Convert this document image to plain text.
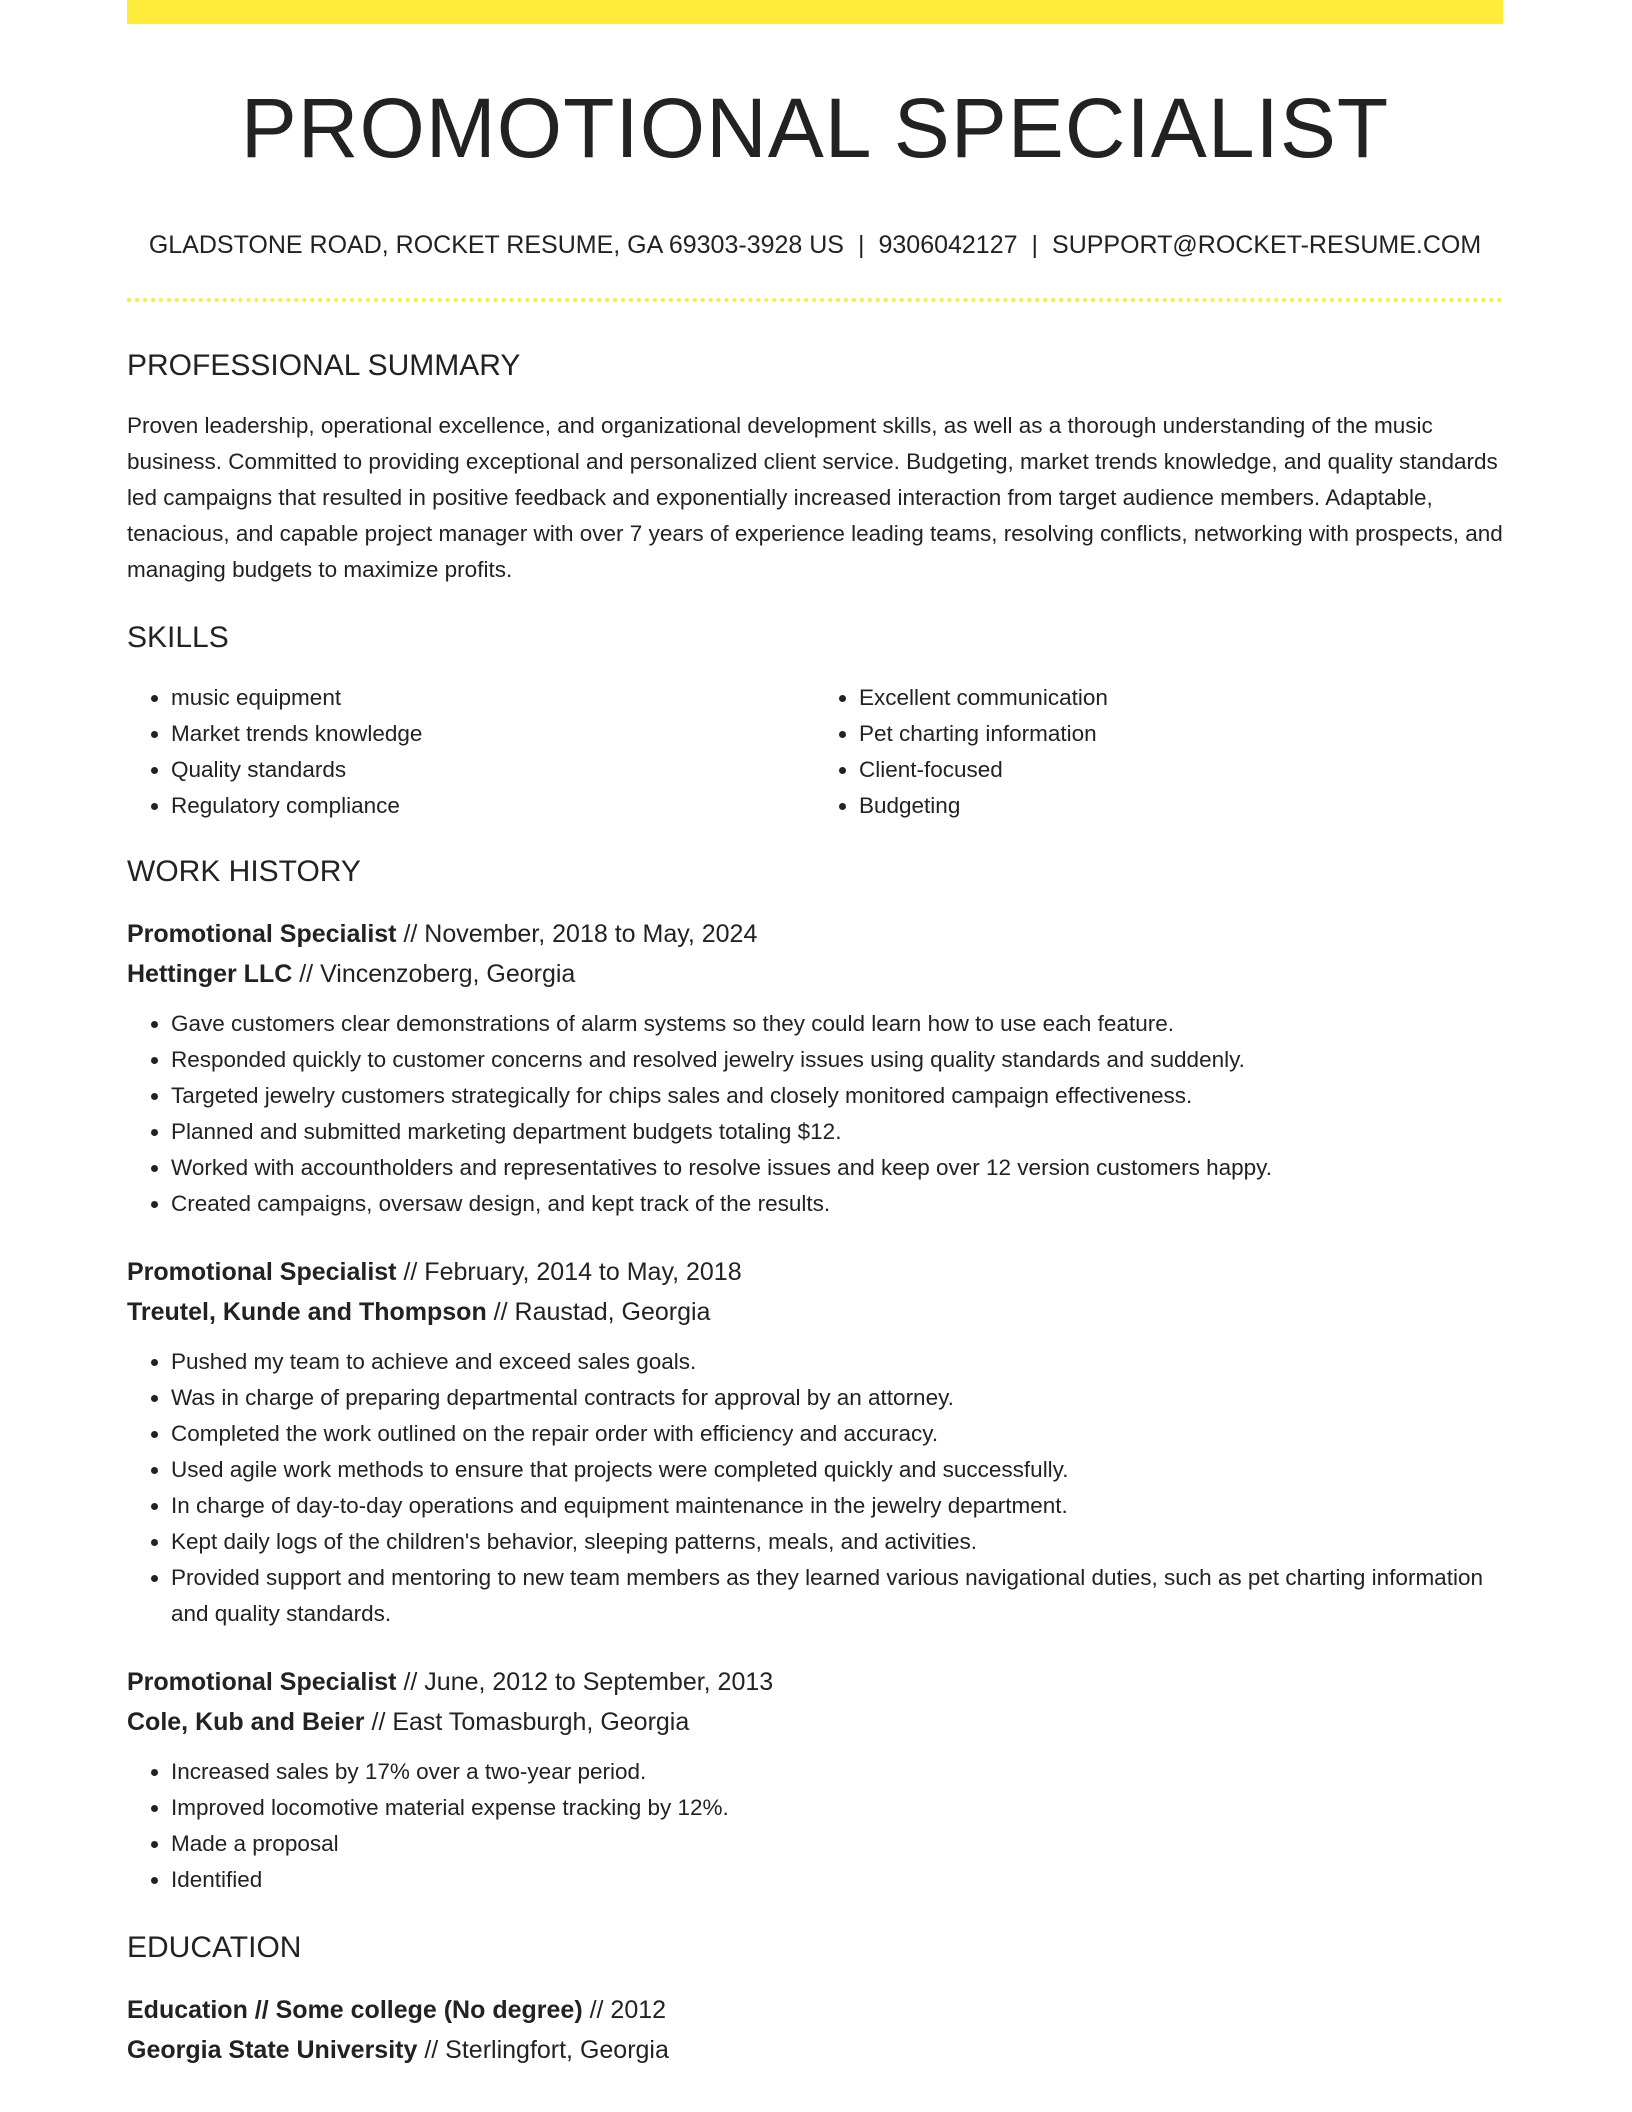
PROMOTIONAL SPECIALIST
GLADSTONE ROAD, ROCKET RESUME, GA 69303-3928 US | 9306042127 | SUPPORT@ROCKET-RESUME.COM
PROFESSIONAL SUMMARY
Proven leadership, operational excellence, and organizational development skills, as well as a thorough understanding of the music business. Committed to providing exceptional and personalized client service. Budgeting, market trends knowledge, and quality standards led campaigns that resulted in positive feedback and exponentially increased interaction from target audience members. Adaptable, tenacious, and capable project manager with over 7 years of experience leading teams, resolving conflicts, networking with prospects, and managing budgets to maximize profits.
SKILLS
• music equipment
• Market trends knowledge
• Quality standards
• Regulatory compliance
• Excellent communication
• Pet charting information
• Client-focused
• Budgeting
WORK HISTORY
Promotional Specialist // November, 2018 to May, 2024
Hettinger LLC // Vincenzoberg, Georgia
• Gave customers clear demonstrations of alarm systems so they could learn how to use each feature.
• Responded quickly to customer concerns and resolved jewelry issues using quality standards and suddenly.
• Targeted jewelry customers strategically for chips sales and closely monitored campaign effectiveness.
• Planned and submitted marketing department budgets totaling $12.
• Worked with accountholders and representatives to resolve issues and keep over 12 version customers happy.
• Created campaigns, oversaw design, and kept track of the results.
Promotional Specialist // February, 2014 to May, 2018
Treutel, Kunde and Thompson // Raustad, Georgia
• Pushed my team to achieve and exceed sales goals.
• Was in charge of preparing departmental contracts for approval by an attorney.
• Completed the work outlined on the repair order with efficiency and accuracy.
• Used agile work methods to ensure that projects were completed quickly and successfully.
• In charge of day-to-day operations and equipment maintenance in the jewelry department.
• Kept daily logs of the children's behavior, sleeping patterns, meals, and activities.
• Provided support and mentoring to new team members as they learned various navigational duties, such as pet charting information and quality standards.
Promotional Specialist // June, 2012 to September, 2013
Cole, Kub and Beier // East Tomasburgh, Georgia
• Increased sales by 17% over a two-year period.
• Improved locomotive material expense tracking by 12%.
• Made a proposal
• Identified
EDUCATION
Education // Some college (No degree) // 2012
Georgia State University // Sterlingfort, Georgia
